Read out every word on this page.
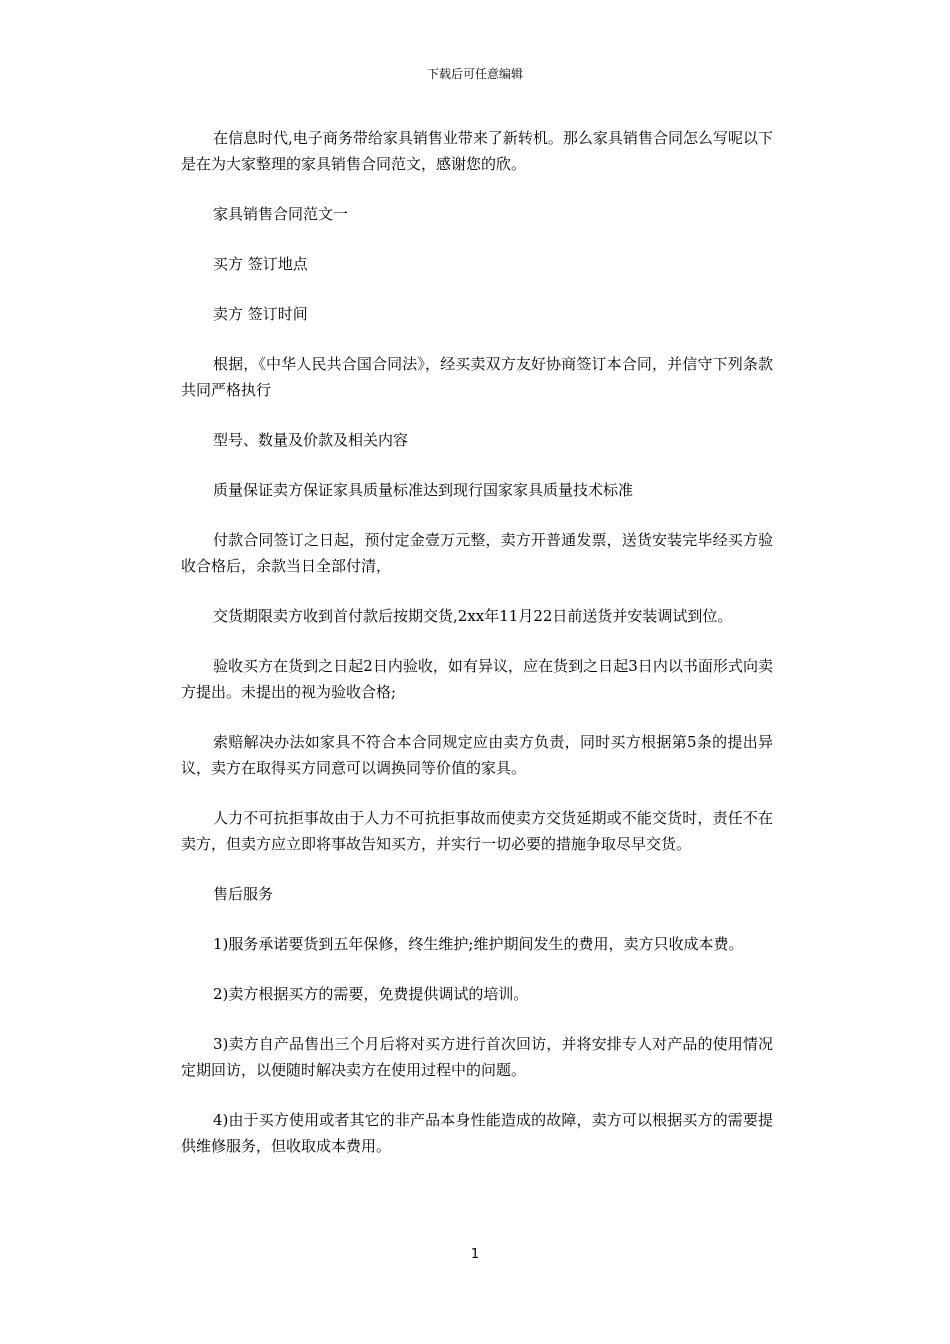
下载后可任意编辑

在信息时代,电子商务带给家具销售业带来了新转机。那么家具销售合同怎么写呢以下是在为大家整理的家具销售合同范文，感谢您的欣。

家具销售合同范文一

买方 签订地点

卖方 签订时间

根据，《中华人民共合国合同法》，经买卖双方友好协商签订本合同，并信守下列条款共同严格执行

型号、数量及价款及相关内容

质量保证卖方保证家具质量标准达到现行国家家具质量技术标准

付款合同签订之日起，预付定金壹万元整，卖方开普通发票，送货安装完毕经买方验收合格后，余款当日全部付清，

交货期限卖方收到首付款后按期交货,2xx年11月22日前送货并安装调试到位。

验收买方在货到之日起2日内验收，如有异议，应在货到之日起3日内以书面形式向卖方提出。未提出的视为验收合格;

索赔解决办法如家具不符合本合同规定应由卖方负责，同时买方根据第5条的提出异议，卖方在取得买方同意可以调换同等价值的家具。

人力不可抗拒事故由于人力不可抗拒事故而使卖方交货延期或不能交货时，责任不在卖方，但卖方应立即将事故告知买方，并实行一切必要的措施争取尽早交货。

售后服务

1)服务承诺要货到五年保修，终生维护;维护期间发生的费用，卖方只收成本费。

2)卖方根据买方的需要，免费提供调试的培训。

3)卖方自产品售出三个月后将对买方进行首次回访，并将安排专人对产品的使用情况定期回访，以便随时解决卖方在使用过程中的问题。

4)由于买方使用或者其它的非产品本身性能造成的故障，卖方可以根据买方的需要提供维修服务，但收取成本费用。

1
